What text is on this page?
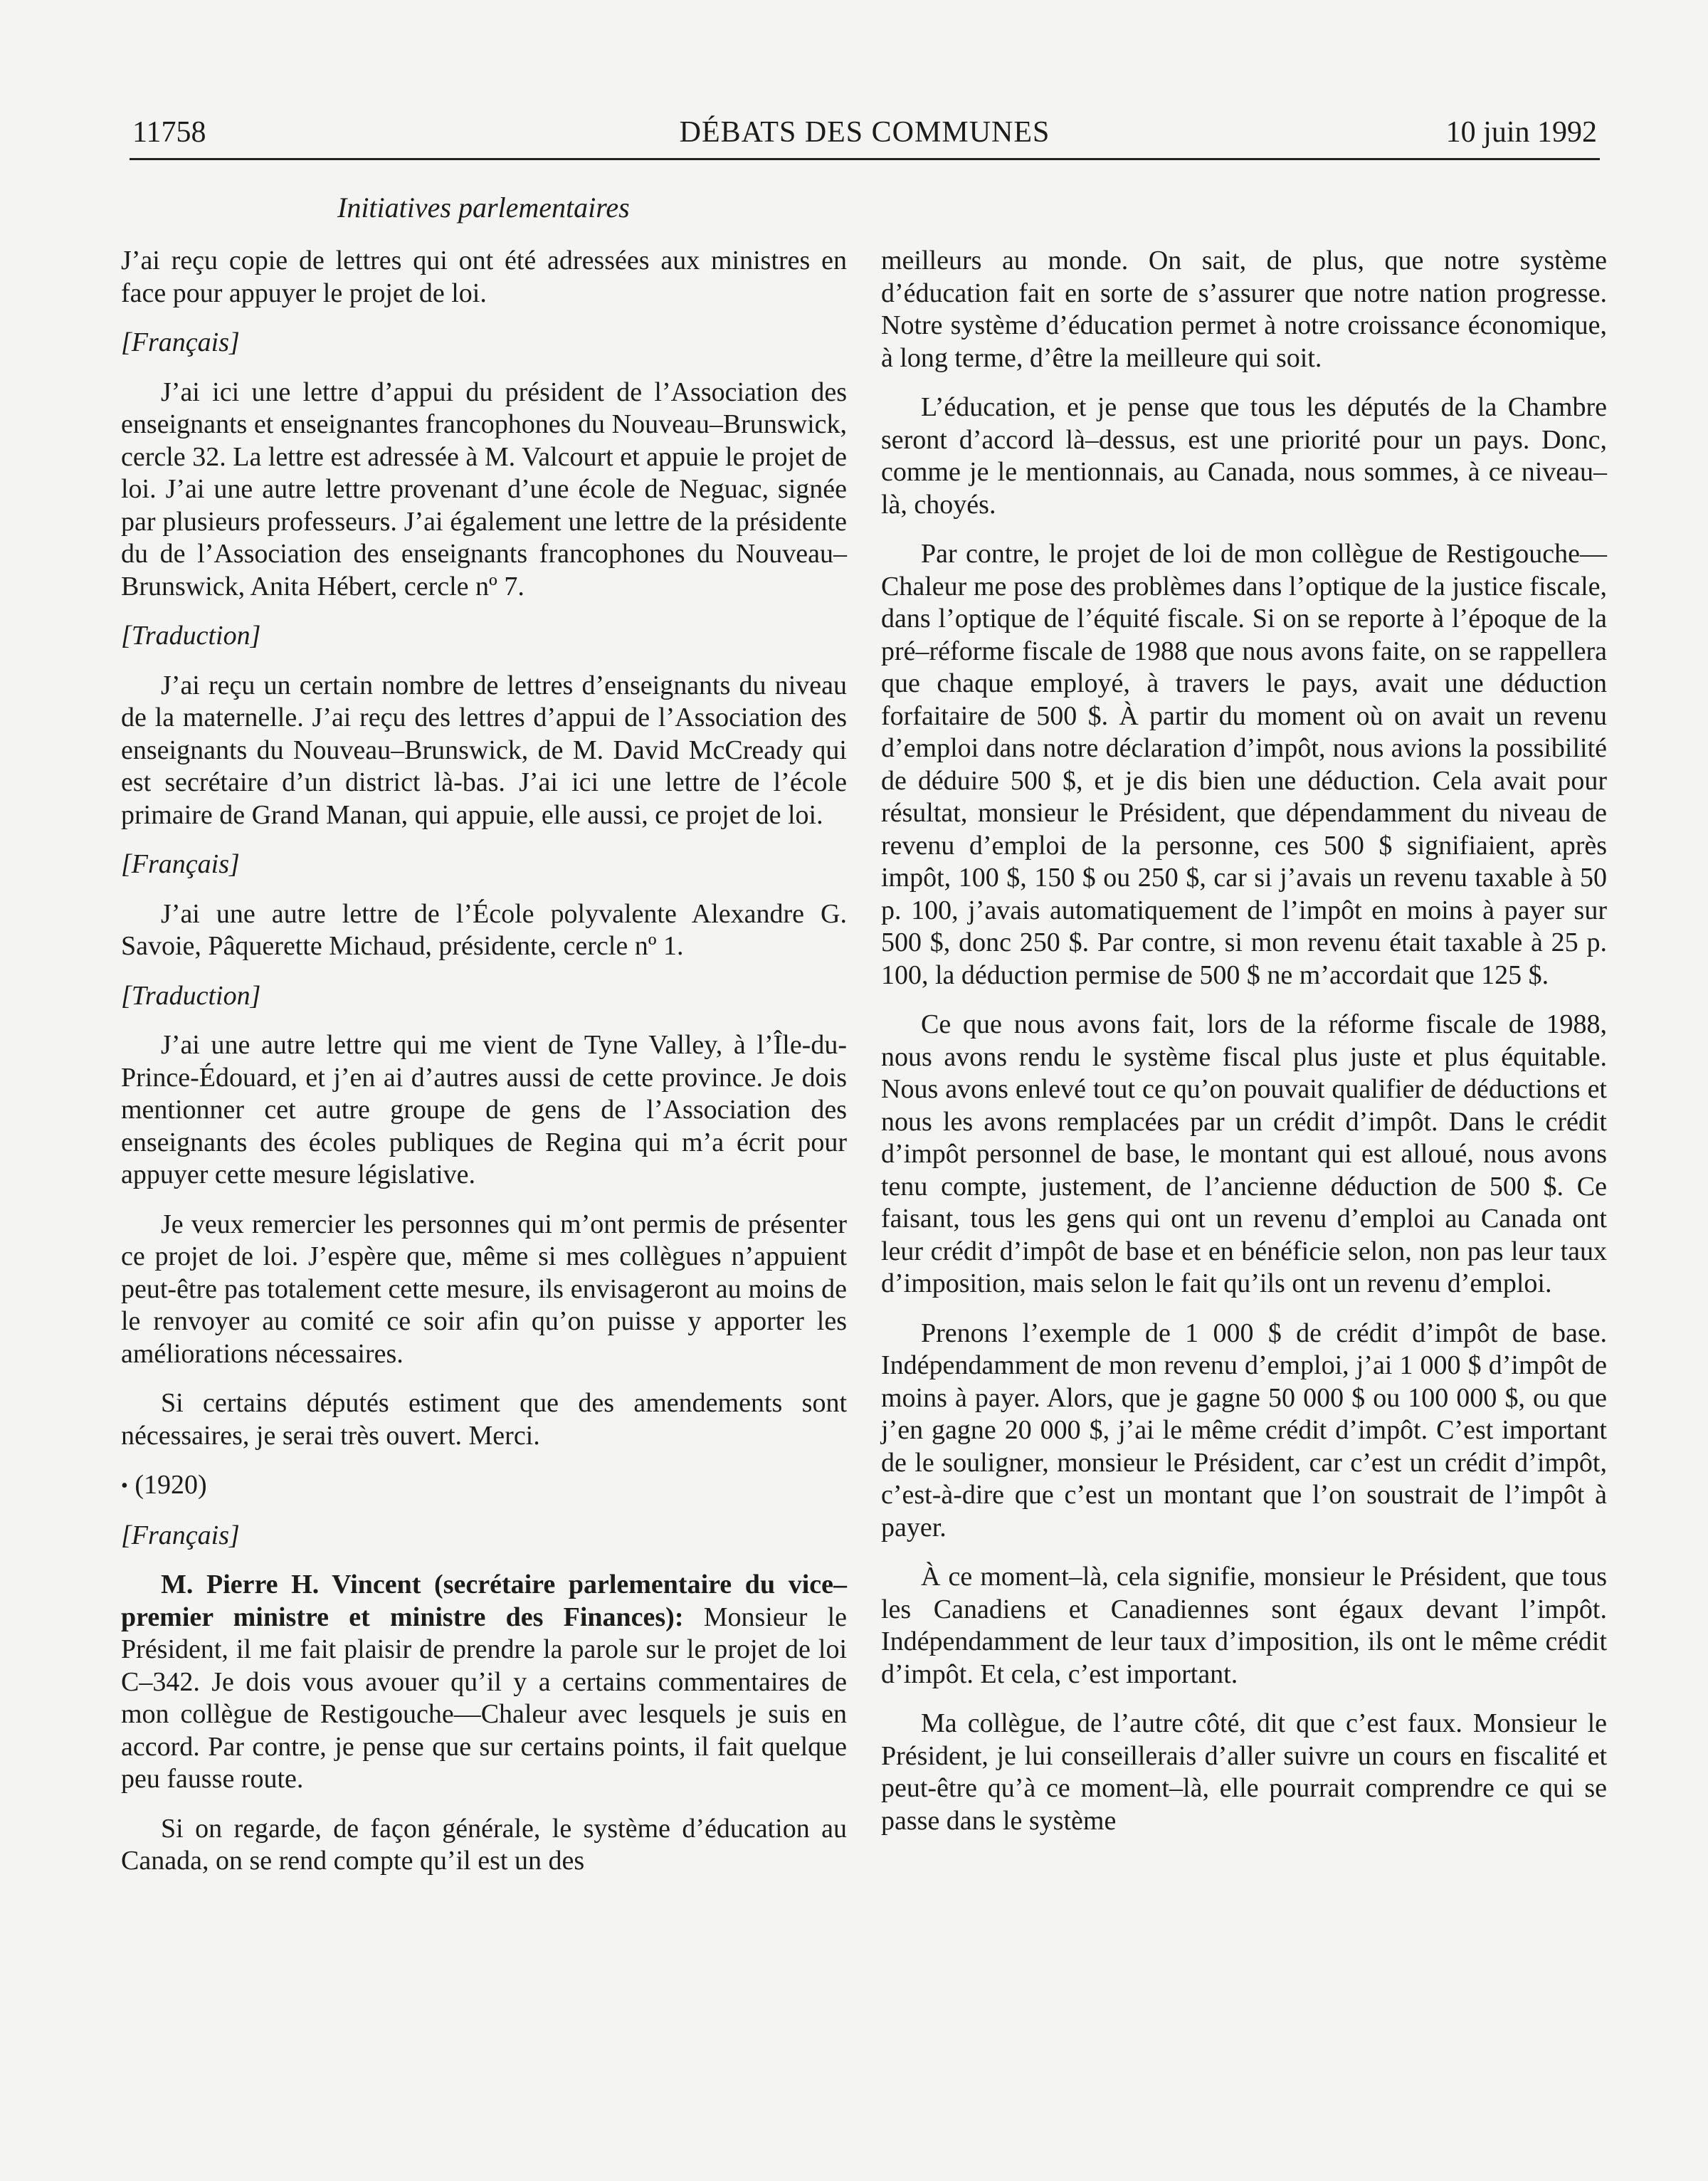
11758	DÉBATS DES COMMUNES	10 juin 1992
Initiatives parlementaires

J’ai reçu copie de lettres qui ont été adressées aux ministres en face pour appuyer le projet de loi.

[Français]

J’ai ici une lettre d’appui du président de l’Association des enseignants et enseignantes francophones du Nouveau–Brunswick, cercle 32. La lettre est adressée à M. Valcourt et appuie le projet de loi. J’ai une autre lettre provenant d’une école de Neguac, signée par plusieurs professeurs. J’ai également une lettre de la présidente du de l’Association des enseignants francophones du Nouveau–Brunswick, Anita Hébert, cercle nº 7.

[Traduction]

J’ai reçu un certain nombre de lettres d’enseignants du niveau de la maternelle. J’ai reçu des lettres d’appui de l’Association des enseignants du Nouveau–Brunswick, de M. David McCready qui est secrétaire d’un district là-bas. J’ai ici une lettre de l’école primaire de Grand Manan, qui appuie, elle aussi, ce projet de loi.

[Français]

J’ai une autre lettre de l’École polyvalente Alexandre G. Savoie, Pâquerette Michaud, présidente, cercle nº 1.

[Traduction]

J’ai une autre lettre qui me vient de Tyne Valley, à l’Île-du-Prince-Édouard, et j’en ai d’autres aussi de cette province. Je dois mentionner cet autre groupe de gens de l’Association des enseignants des écoles publiques de Regina qui m’a écrit pour appuyer cette mesure législative.

Je veux remercier les personnes qui m’ont permis de présenter ce projet de loi. J’espère que, même si mes collègues n’appuient peut-être pas totalement cette mesure, ils envisageront au moins de le renvoyer au comité ce soir afin qu’on puisse y apporter les améliorations nécessaires.

Si certains députés estiment que des amendements sont nécessaires, je serai très ouvert. Merci.

• (1920)

[Français]

M. Pierre H. Vincent (secrétaire parlementaire du vice–premier ministre et ministre des Finances): Monsieur le Président, il me fait plaisir de prendre la parole sur le projet de loi C–342. Je dois vous avouer qu’il y a certains commentaires de mon collègue de Restigouche—Chaleur avec lesquels je suis en accord. Par contre, je pense que sur certains points, il fait quelque peu fausse route.

Si on regarde, de façon générale, le système d’éducation au Canada, on se rend compte qu’il est un des

meilleurs au monde. On sait, de plus, que notre système d’éducation fait en sorte de s’assurer que notre nation progresse. Notre système d’éducation permet à notre croissance économique, à long terme, d’être la meilleure qui soit.

L’éducation, et je pense que tous les députés de la Chambre seront d’accord là–dessus, est une priorité pour un pays. Donc, comme je le mentionnais, au Canada, nous sommes, à ce niveau–là, choyés.

Par contre, le projet de loi de mon collègue de Restigouche—Chaleur me pose des problèmes dans l’optique de la justice fiscale, dans l’optique de l’équité fiscale. Si on se reporte à l’époque de la pré–réforme fiscale de 1988 que nous avons faite, on se rappellera que chaque employé, à travers le pays, avait une déduction forfaitaire de 500 $. À partir du moment où on avait un revenu d’emploi dans notre déclaration d’impôt, nous avions la possibilité de déduire 500 $, et je dis bien une déduction. Cela avait pour résultat, monsieur le Président, que dépendamment du niveau de revenu d’emploi de la personne, ces 500 $ signifiaient, après impôt, 100 $, 150 $ ou 250 $, car si j’avais un revenu taxable à 50 p. 100, j’avais automatiquement de l’impôt en moins à payer sur 500 $, donc 250 $. Par contre, si mon revenu était taxable à 25 p. 100, la déduction permise de 500 $ ne m’accordait que 125 $.

Ce que nous avons fait, lors de la réforme fiscale de 1988, nous avons rendu le système fiscal plus juste et plus équitable. Nous avons enlevé tout ce qu’on pouvait qualifier de déductions et nous les avons remplacées par un crédit d’impôt. Dans le crédit d’impôt personnel de base, le montant qui est alloué, nous avons tenu compte, justement, de l’ancienne déduction de 500 $. Ce faisant, tous les gens qui ont un revenu d’emploi au Canada ont leur crédit d’impôt de base et en bénéficie selon, non pas leur taux d’imposition, mais selon le fait qu’ils ont un revenu d’emploi.

Prenons l’exemple de 1 000 $ de crédit d’impôt de base. Indépendamment de mon revenu d’emploi, j’ai 1 000 $ d’impôt de moins à payer. Alors, que je gagne 50 000 $ ou 100 000 $, ou que j’en gagne 20 000 $, j’ai le même crédit d’impôt. C’est important de le souligner, monsieur le Président, car c’est un crédit d’impôt, c’est-à-dire que c’est un montant que l’on soustrait de l’impôt à payer.

À ce moment–là, cela signifie, monsieur le Président, que tous les Canadiens et Canadiennes sont égaux devant l’impôt. Indépendamment de leur taux d’imposition, ils ont le même crédit d’impôt. Et cela, c’est important.

Ma collègue, de l’autre côté, dit que c’est faux. Monsieur le Président, je lui conseillerais d’aller suivre un cours en fiscalité et peut-être qu’à ce moment–là, elle pourrait comprendre ce qui se passe dans le système
